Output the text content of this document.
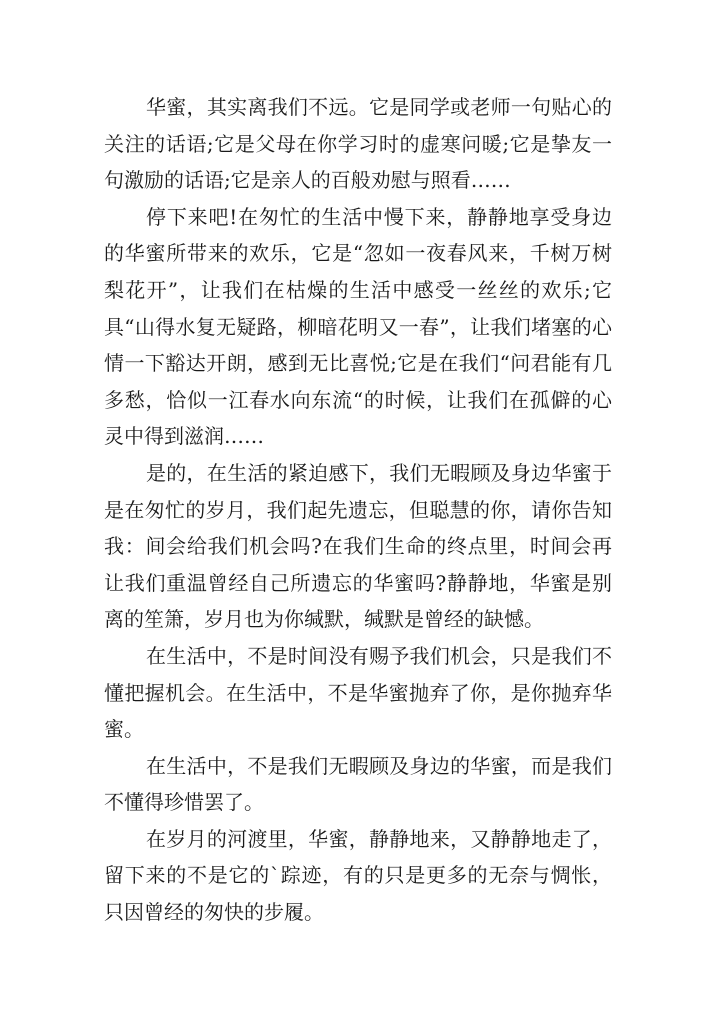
华蜜，其实离我们不远。它是同学或老师一句贴心的关注的话语;它是父母在你学习时的虚寒问暖;它是挚友一句激励的话语;它是亲人的百般劝慰与照看……

停下来吧!在匆忙的生活中慢下来，静静地享受身边的华蜜所带来的欢乐，它是“忽如一夜春风来，千树万树梨花开”，让我们在枯燥的生活中感受一丝丝的欢乐;它具“山得水复无疑路，柳暗花明又一春”，让我们堵塞的心情一下豁达开朗，感到无比喜悦;它是在我们“问君能有几多愁，恰似一江春水向东流“的时候，让我们在孤僻的心灵中得到滋润……

是的，在生活的紧迫感下，我们无暇顾及身边华蜜于是在匆忙的岁月，我们起先遗忘，但聪慧的你，请你告知我：间会给我们机会吗?在我们生命的终点里，时间会再让我们重温曾经自己所遗忘的华蜜吗?静静地，华蜜是别离的笙箫，岁月也为你缄默，缄默是曾经的缺憾。

在生活中，不是时间没有赐予我们机会，只是我们不懂把握机会。在生活中，不是华蜜抛弃了你，是你抛弃华蜜。

在生活中，不是我们无暇顾及身边的华蜜，而是我们不懂得珍惜罢了。

在岁月的河渡里，华蜜，静静地来，又静静地走了，留下来的不是它的`踪迹，有的只是更多的无奈与惆怅，只因曾经的匆快的步履。
